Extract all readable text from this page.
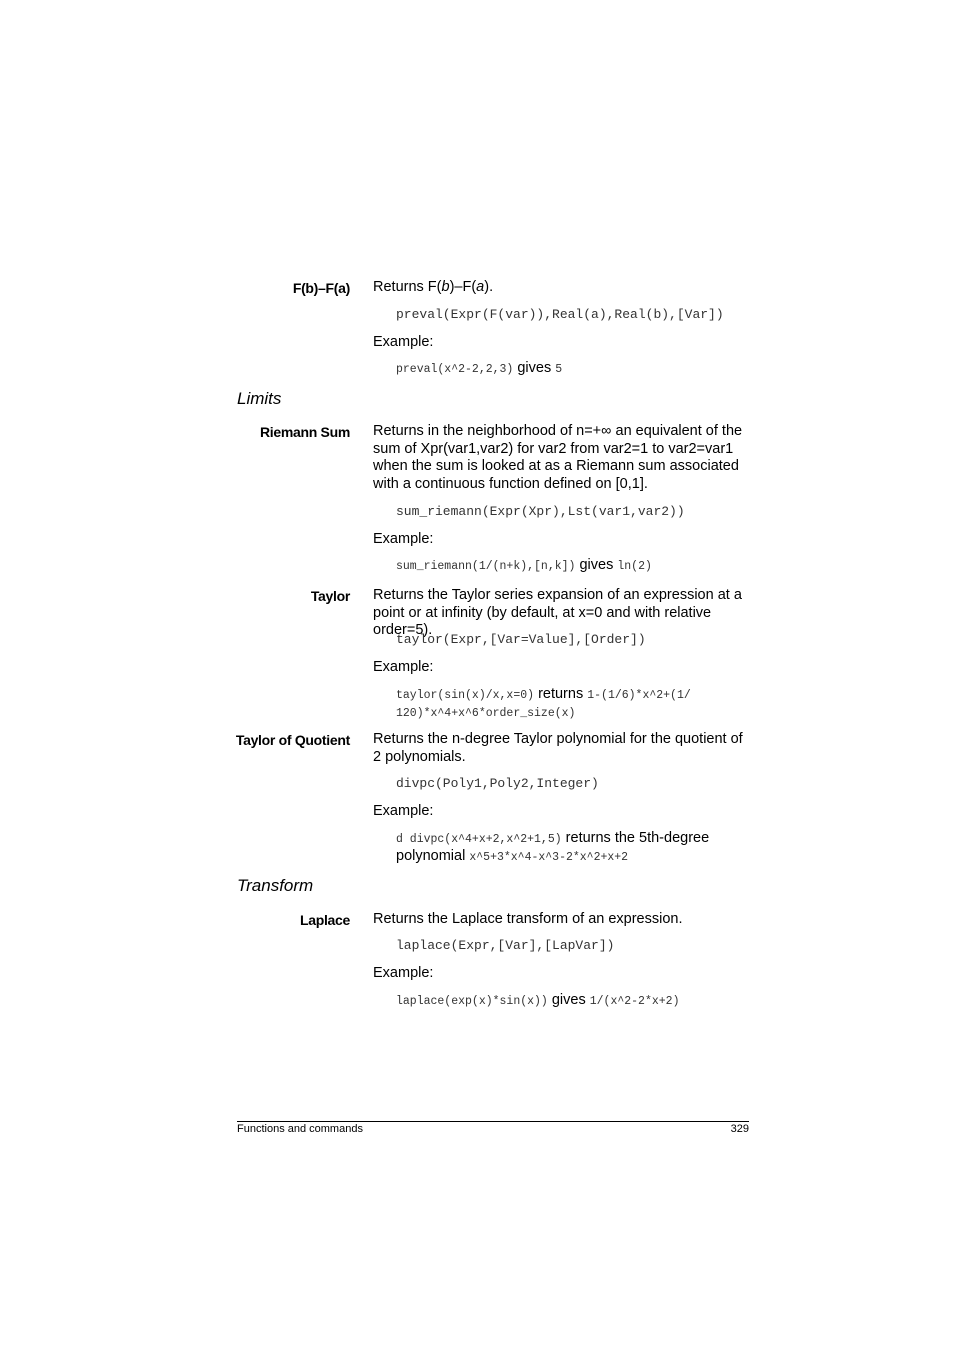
F(b)–F(a) Returns F(b)–F(a).
preval(Expr(F(var)),Real(a),Real(b),[Var])
Example:
preval(x^2-2,2,3) gives 5
Limits
Riemann Sum Returns in the neighborhood of n=+∞ an equivalent of the sum of Xpr(var1,var2) for var2 from var2=1 to var2=var1 when the sum is looked at as a Riemann sum associated with a continuous function defined on [0,1].
sum_riemann(Expr(Xpr),Lst(var1,var2))
Example:
sum_riemann(1/(n+k),[n,k]) gives ln(2)
Taylor Returns the Taylor series expansion of an expression at a point or at infinity (by default, at x=0 and with relative order=5).
taylor(Expr,[Var=Value],[Order])
Example:
taylor(sin(x)/x,x=0) returns 1-(1/6)*x^2+(1/
120)*x^4+x^6*order_size(x)
Taylor of Quotient Returns the n-degree Taylor polynomial for the quotient of 2 polynomials.
divpc(Poly1,Poly2,Integer)
Example:
d divpc(x^4+x+2,x^2+1,5) returns the 5th-degree
polynomial x^5+3*x^4-x^3-2*x^2+x+2
Transform
Laplace Returns the Laplace transform of an expression.
laplace(Expr,[Var],[LapVar])
Example:
laplace(exp(x)*sin(x)) gives 1/(x^2-2*x+2)
Functions and commands	329
